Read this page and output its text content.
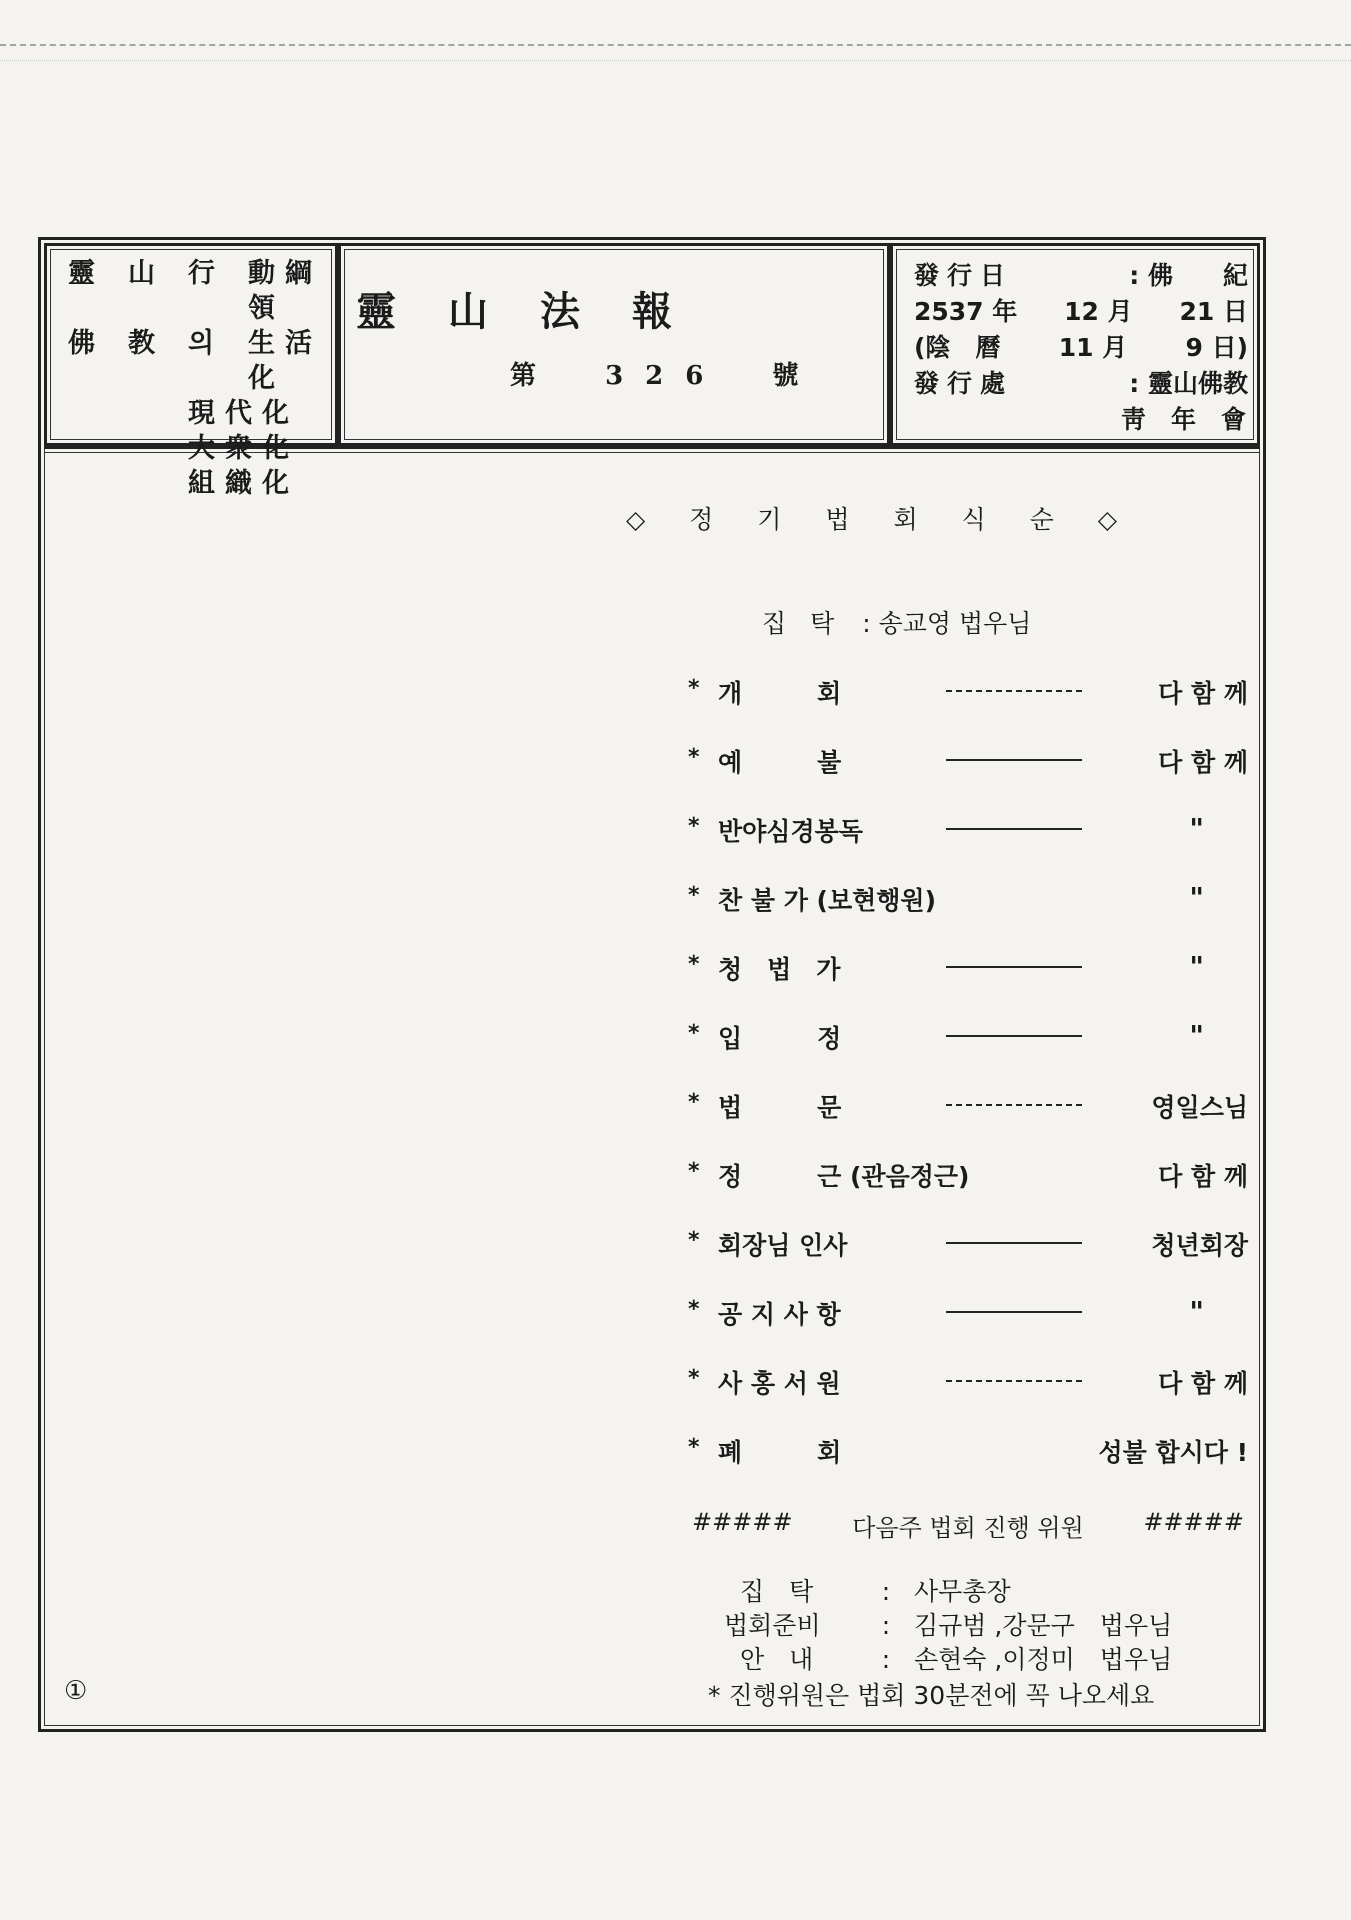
靈	山	行	動綱領
佛	教	의	生活化
現代化
大衆化
組織化
靈山法報
第	326 號
發行日	: 佛　　紀
2537 年 12 月 21 日
(陰　曆 11 月 9 日)
發行處	: 靈山佛教
靑　年　會
◇ 정 기 법 회 식 순 ◇
집 탁 : 송교영 법우님
* 개　　　회	다 함 께
* 예　　　불	다 함 께
* 반야심경봉독	"
* 찬 불 가 (보현행원)	"
* 청　법　가	"
* 입　　　정	"
* 법　　　문	영일스님
* 정　　　근 (관음정근)	다 함 께
* 회장님 인사	청년회장
* 공 지 사 항	"
* 사 홍 서 원	다 함 께
* 폐　　　회	성불 합시다 !
##### 다음주 법회 진행 위원 #####
집　탁	: 사무총장
법회준비 : 김규범 ,강문구　법우님
안　내	: 손현숙 ,이정미　법우님
①	* 진행위원은 법회 30분전에 꼭 나오세요
